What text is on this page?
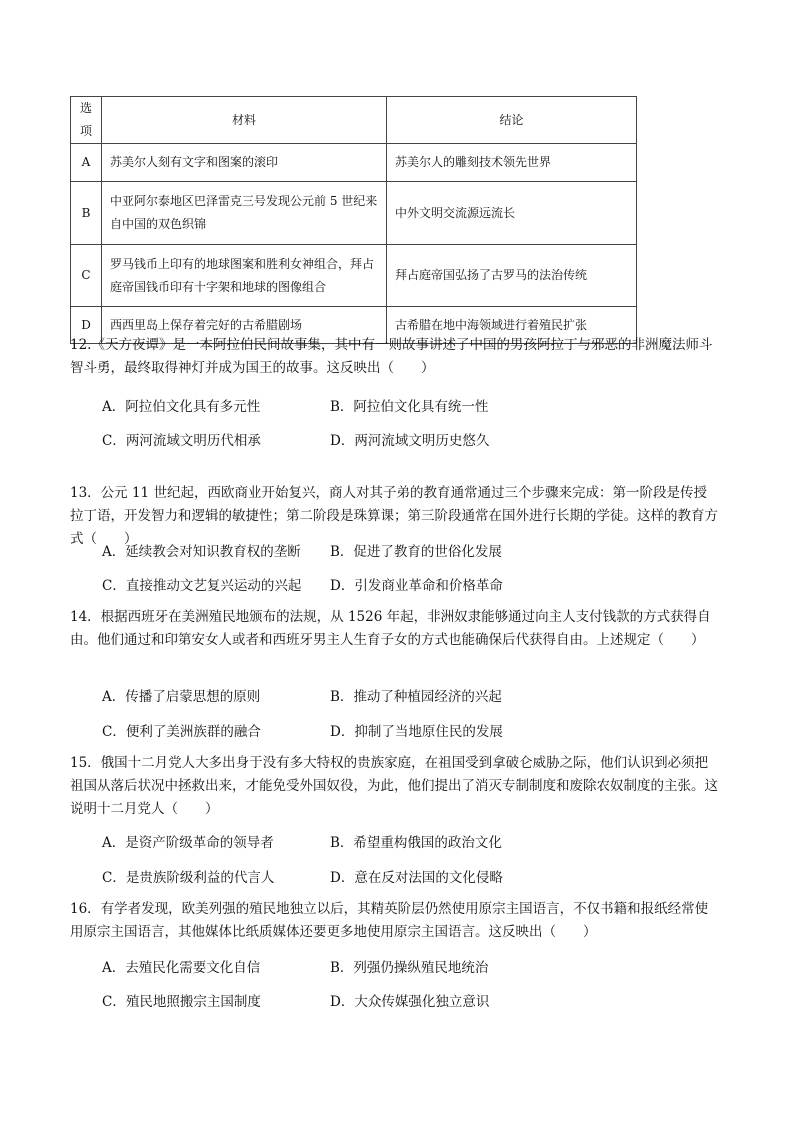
选项	材料	结论
A	苏美尔人刻有文字和图案的滚印	苏美尔人的雕刻技术领先世界
B	中亚阿尔泰地区巴泽雷克三号发现公元前 5 世纪来自中国的双色织锦	中外文明交流源远流长
C	罗马钱币上印有的地球图案和胜利女神组合，拜占庭帝国钱币印有十字架和地球的图像组合	拜占庭帝国弘扬了古罗马的法治传统
D	西西里岛上保存着完好的古希腊剧场	古希腊在地中海领域进行着殖民扩张
12.《天方夜谭》是一本阿拉伯民间故事集，其中有一则故事讲述了中国的男孩阿拉丁与邪恶的非洲魔法师斗智斗勇，最终取得神灯并成为国王的故事。这反映出（　　）
A．阿拉伯文化具有多元性	B．阿拉伯文化具有统一性
C．两河流域文明历代相承	D．两河流域文明历史悠久
13．公元 11 世纪起，西欧商业开始复兴，商人对其子弟的教育通常通过三个步骤来完成：第一阶段是传授拉丁语，开发智力和逻辑的敏捷性；第二阶段是珠算课；第三阶段通常在国外进行长期的学徒。这样的教育方式（　　）
A．延续教会对知识教育权的垄断 B．促进了教育的世俗化发展
C．直接推动文艺复兴运动的兴起 D．引发商业革命和价格革命
14．根据西班牙在美洲殖民地颁布的法规，从 1526 年起，非洲奴隶能够通过向主人支付钱款的方式获得自由。他们通过和印第安女人或者和西班牙男主人生育子女的方式也能确保后代获得自由。上述规定（　　）
A．传播了启蒙思想的原则	B．推动了种植园经济的兴起
C．便利了美洲族群的融合	D．抑制了当地原住民的发展
15．俄国十二月党人大多出身于没有多大特权的贵族家庭，在祖国受到拿破仑威胁之际，他们认识到必须把祖国从落后状况中拯救出来，才能免受外国奴役，为此，他们提出了消灭专制制度和废除农奴制度的主张。这说明十二月党人（　　）
A．是资产阶级革命的领导者	B．希望重构俄国的政治文化
C．是贵族阶级利益的代言人	D．意在反对法国的文化侵略
16．有学者发现，欧美列强的殖民地独立以后，其精英阶层仍然使用原宗主国语言，不仅书籍和报纸经常使用原宗主国语言，其他媒体比纸质媒体还要更多地使用原宗主国语言。这反映出（　　）
A．去殖民化需要文化自信	B．列强仍操纵殖民地统治
C．殖民地照搬宗主国制度	D．大众传媒强化独立意识
